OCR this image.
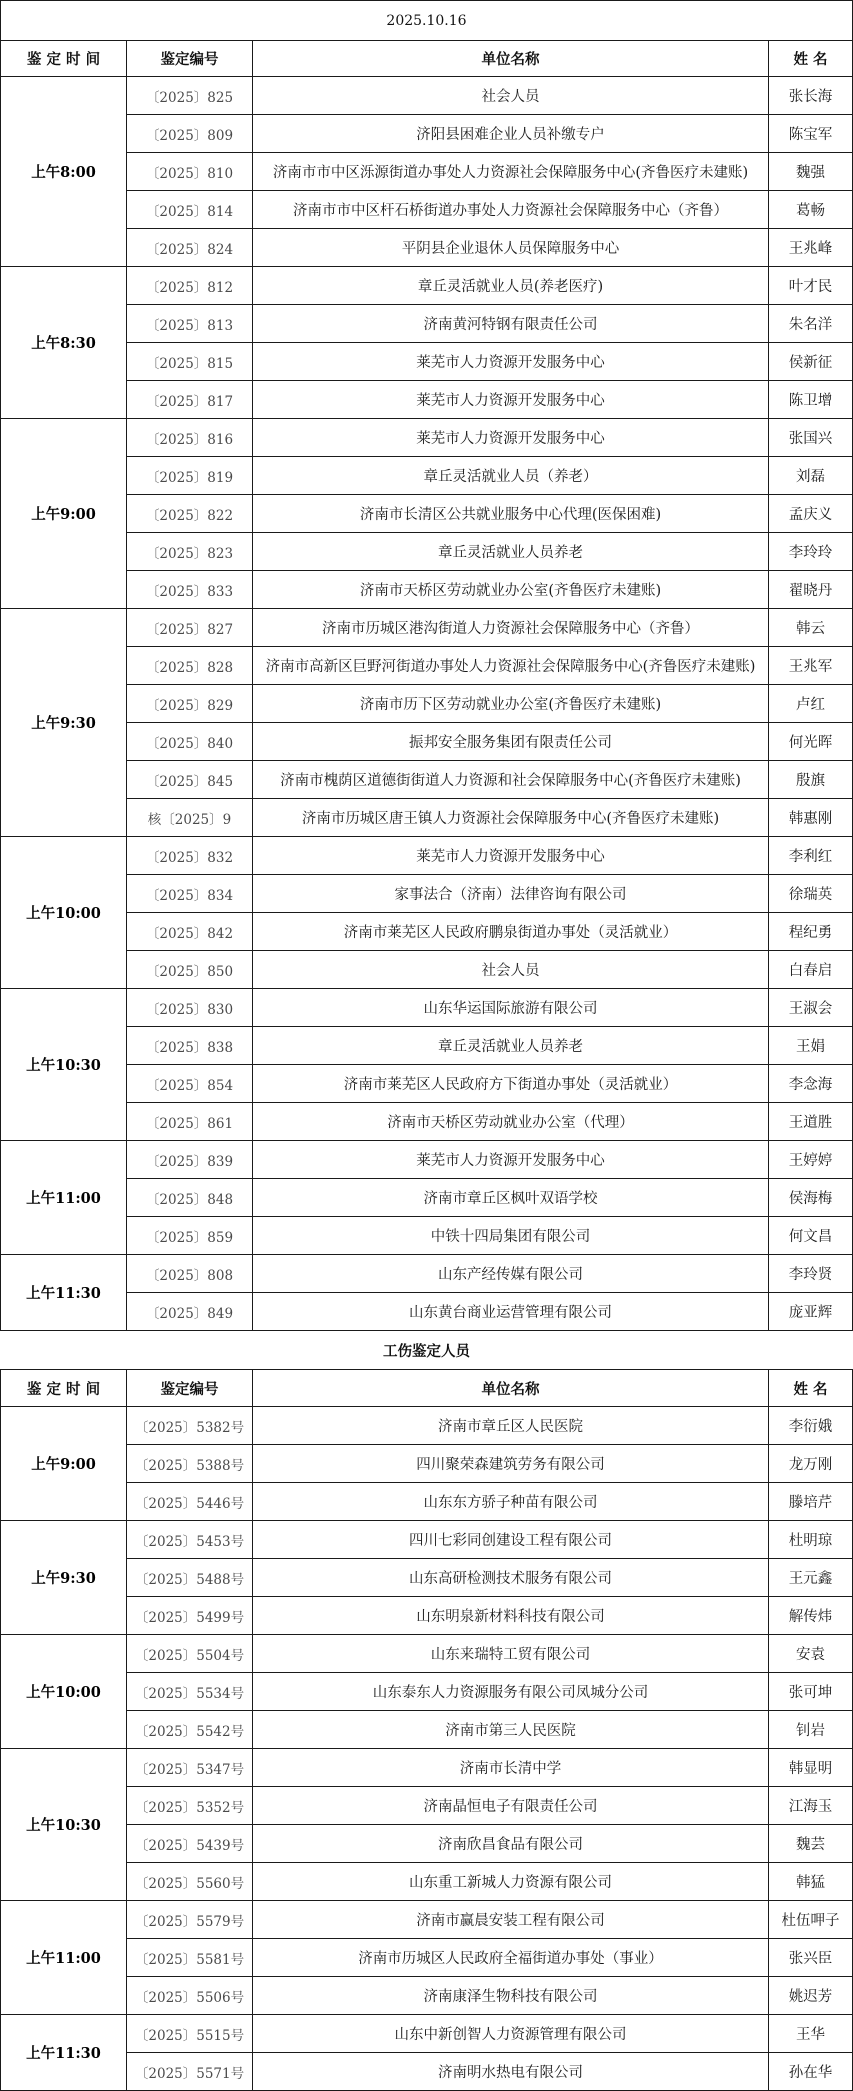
2025.10.16
鉴 定 时 间	鉴定编号	单位名称	姓 名
上午8:00
〔2025〕825	社会人员	张长海
〔2025〕809	济阳县困难企业人员补缴专户	陈宝军
〔2025〕810	济南市市中区泺源街道办事处人力资源社会保障服务中心(齐鲁医疗未建账)	魏强
〔2025〕814	济南市市中区杆石桥街道办事处人力资源社会保障服务中心（齐鲁）	葛畅
〔2025〕824	平阴县企业退休人员保障服务中心	王兆峰
上午8:30
〔2025〕812	章丘灵活就业人员(养老医疗)	叶才民
〔2025〕813	济南黄河特钢有限责任公司	朱名洋
〔2025〕815	莱芜市人力资源开发服务中心	侯新征
〔2025〕817	莱芜市人力资源开发服务中心	陈卫增
上午9:00
〔2025〕816	莱芜市人力资源开发服务中心	张国兴
〔2025〕819	章丘灵活就业人员（养老）	刘磊
〔2025〕822	济南市长清区公共就业服务中心代理(医保困难)	孟庆义
〔2025〕823	章丘灵活就业人员养老	李玲玲
〔2025〕833	济南市天桥区劳动就业办公室(齐鲁医疗未建账)	翟晓丹
上午9:30
〔2025〕827	济南市历城区港沟街道人力资源社会保障服务中心（齐鲁）	韩云
〔2025〕828	济南市高新区巨野河街道办事处人力资源社会保障服务中心(齐鲁医疗未建账)	王兆军
〔2025〕829	济南市历下区劳动就业办公室(齐鲁医疗未建账)	卢红
〔2025〕840	振邦安全服务集团有限责任公司	何光晖
〔2025〕845	济南市槐荫区道德街街道人力资源和社会保障服务中心(齐鲁医疗未建账)	殷旗
核〔2025〕9	济南市历城区唐王镇人力资源社会保障服务中心(齐鲁医疗未建账)	韩惠刚
上午10:00
〔2025〕832	莱芜市人力资源开发服务中心	李利红
〔2025〕834	家事法合（济南）法律咨询有限公司	徐瑞英
〔2025〕842	济南市莱芜区人民政府鹏泉街道办事处（灵活就业）	程纪勇
〔2025〕850	社会人员	白春启
上午10:30
〔2025〕830	山东华运国际旅游有限公司	王淑会
〔2025〕838	章丘灵活就业人员养老	王娟
〔2025〕854	济南市莱芜区人民政府方下街道办事处（灵活就业）	李念海
〔2025〕861	济南市天桥区劳动就业办公室（代理）	王道胜
上午11:00
〔2025〕839	莱芜市人力资源开发服务中心	王婷婷
〔2025〕848	济南市章丘区枫叶双语学校	侯海梅
〔2025〕859	中铁十四局集团有限公司	何文昌
上午11:30
〔2025〕808	山东产经传媒有限公司	李玲贤
〔2025〕849	山东黄台商业运营管理有限公司	庞亚辉
工伤鉴定人员
鉴 定 时 间	鉴定编号	单位名称	姓 名
上午9:00
〔2025〕5382号	济南市章丘区人民医院	李衍娥
〔2025〕5388号	四川聚荣森建筑劳务有限公司	龙万刚
〔2025〕5446号	山东东方骄子种苗有限公司	滕培芹
上午9:30
〔2025〕5453号	四川七彩同创建设工程有限公司	杜明琼
〔2025〕5488号	山东高研检测技术服务有限公司	王元鑫
〔2025〕5499号	山东明泉新材料科技有限公司	解传炜
上午10:00
〔2025〕5504号	山东来瑞特工贸有限公司	安袁
〔2025〕5534号	山东泰东人力资源服务有限公司凤城分公司	张可坤
〔2025〕5542号	济南市第三人民医院	钊岩
上午10:30
〔2025〕5347号	济南市长清中学	韩显明
〔2025〕5352号	济南晶恒电子有限责任公司	江海玉
〔2025〕5439号	济南欣昌食品有限公司	魏芸
〔2025〕5560号	山东重工新城人力资源有限公司	韩猛
上午11:00
〔2025〕5579号	济南市赢晨安装工程有限公司	杜伍呷子
〔2025〕5581号	济南市历城区人民政府全福街道办事处（事业）	张兴臣
〔2025〕5506号	济南康泽生物科技有限公司	姚迟芳
上午11:30
〔2025〕5515号	山东中新创智人力资源管理有限公司	王华
〔2025〕5571号	济南明水热电有限公司	孙在华
